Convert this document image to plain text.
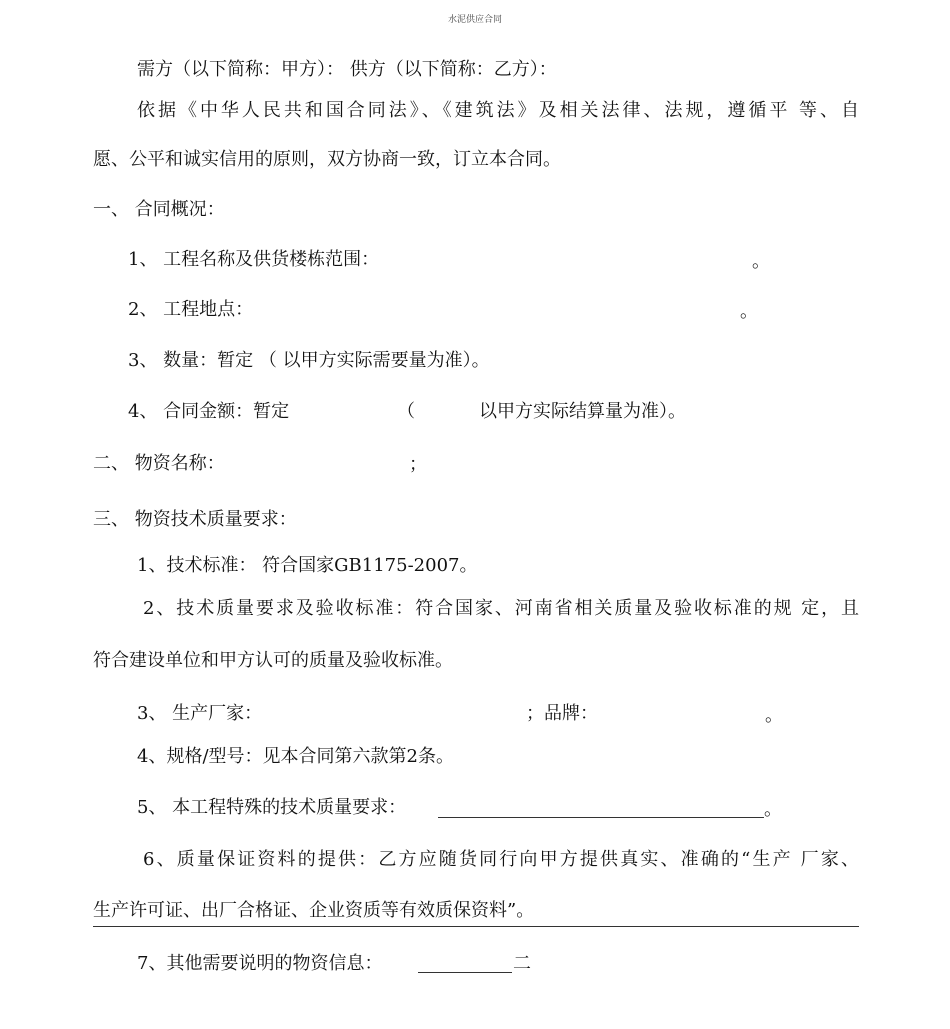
水泥供应合同
需方（以下简称：甲方）： 供方（以下简称：乙方）：
依据《中华人民共和国合同法》、《建筑法》及相关法律、法规，遵循平 等、自
愿、公平和诚实信用的原则，双方协商一致，订立本合同。
一、 合同概况：
1、 工程名称及供货楼栋范围：	。
2、 工程地点：	。
3、 数量：暂定 （ 以甲方实际需要量为准）。
4、 合同金额：暂定	（	以甲方实际结算量为准）。
二、 物资名称：	；
三、 物资技术质量要求：
1、技术标准： 符合国家GB1175-2007。
2、技术质量要求及验收标准：符合国家、河南省相关质量及验收标准的规 定，且
符合建设单位和甲方认可的质量及验收标准。
3、 生产厂家：	；品牌：	。
4、规格/型号：见本合同第六款第2条。
5、 本工程特殊的技术质量要求：	。
6、质量保证资料的提供：乙方应随货同行向甲方提供真实、准确的“生产 厂家、
生产许可证、出厂合格证、企业资质等有效质保资料”。
7、其他需要说明的物资信息：	二
